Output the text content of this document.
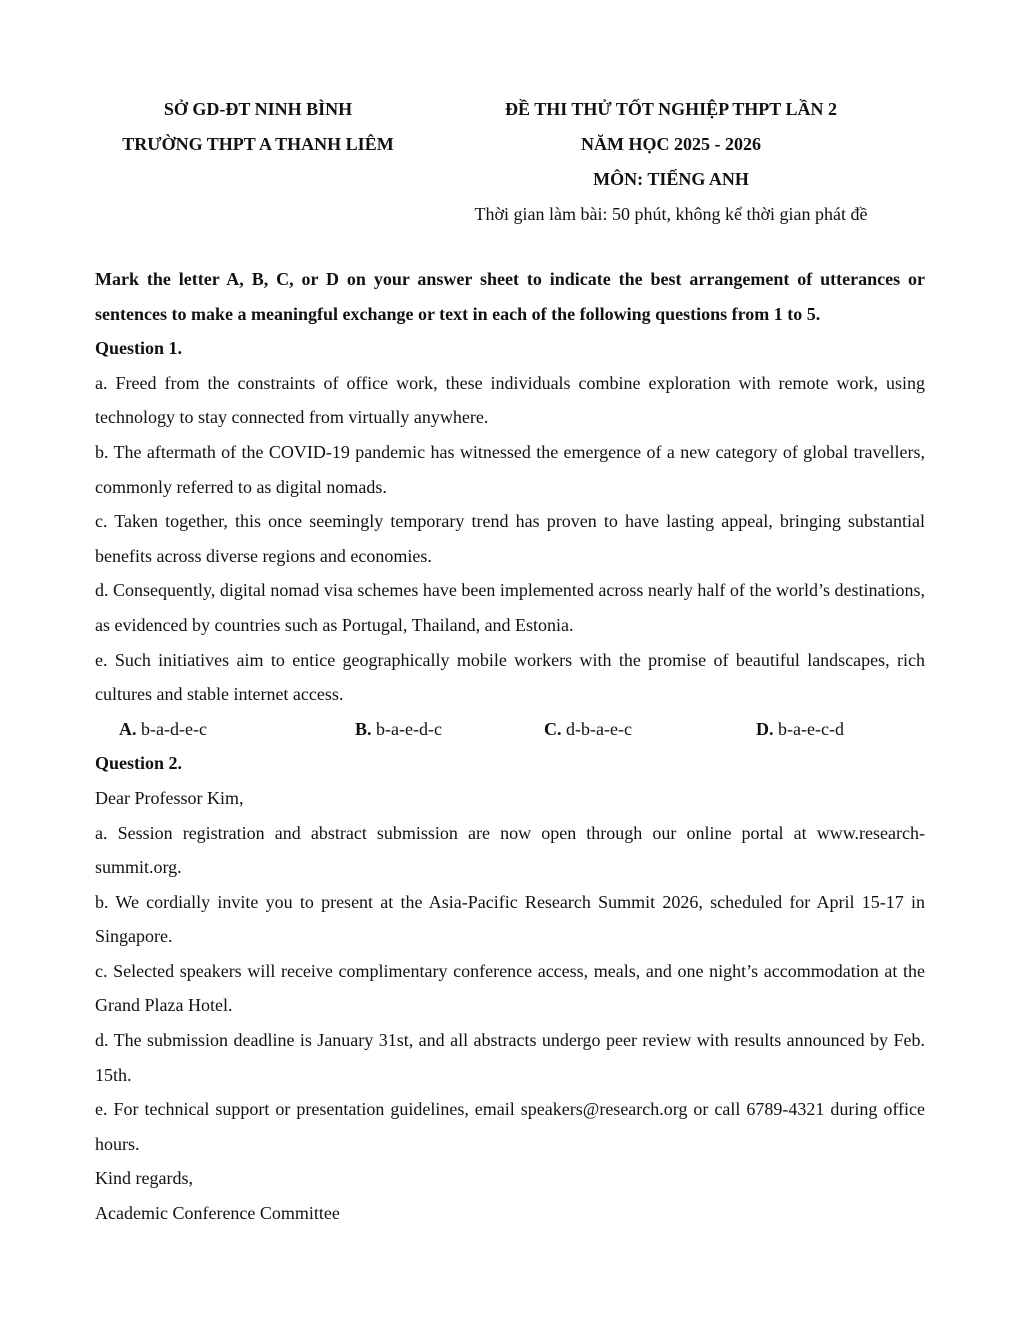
SỞ GD-ĐT NINH BÌNH
TRƯỜNG THPT A THANH LIÊM
ĐỀ THI THỬ TỐT NGHIỆP THPT LẦN 2
NĂM HỌC 2025 - 2026
MÔN: TIẾNG ANH
Thời gian làm bài: 50 phút, không kể thời gian phát đề

Mark the letter A, B, C, or D on your answer sheet to indicate the best arrangement of utterances or sentences to make a meaningful exchange or text in each of the following questions from 1 to 5.

Question 1.

a. Freed from the constraints of office work, these individuals combine exploration with remote work, using technology to stay connected from virtually anywhere.

b. The aftermath of the COVID-19 pandemic has witnessed the emergence of a new category of global travellers, commonly referred to as digital nomads.

c. Taken together, this once seemingly temporary trend has proven to have lasting appeal, bringing substantial benefits across diverse regions and economies.

d. Consequently, digital nomad visa schemes have been implemented across nearly half of the world’s destinations, as evidenced by countries such as Portugal, Thailand, and Estonia.

e. Such initiatives aim to entice geographically mobile workers with the promise of beautiful landscapes, rich cultures and stable internet access.

A. b-a-d-e-c	B. b-a-e-d-c	C. d-b-a-e-c	D. b-a-e-c-d

Question 2.

Dear Professor Kim,

a. Session registration and abstract submission are now open through our online portal at www.research-summit.org.

b. We cordially invite you to present at the Asia-Pacific Research Summit 2026, scheduled for April 15-17 in Singapore.

c. Selected speakers will receive complimentary conference access, meals, and one night’s accommodation at the Grand Plaza Hotel.

d. The submission deadline is January 31st, and all abstracts undergo peer review with results announced by Feb. 15th.

e. For technical support or presentation guidelines, email speakers@research.org or call 6789-4321 during office hours.

Kind regards,

Academic Conference Committee
